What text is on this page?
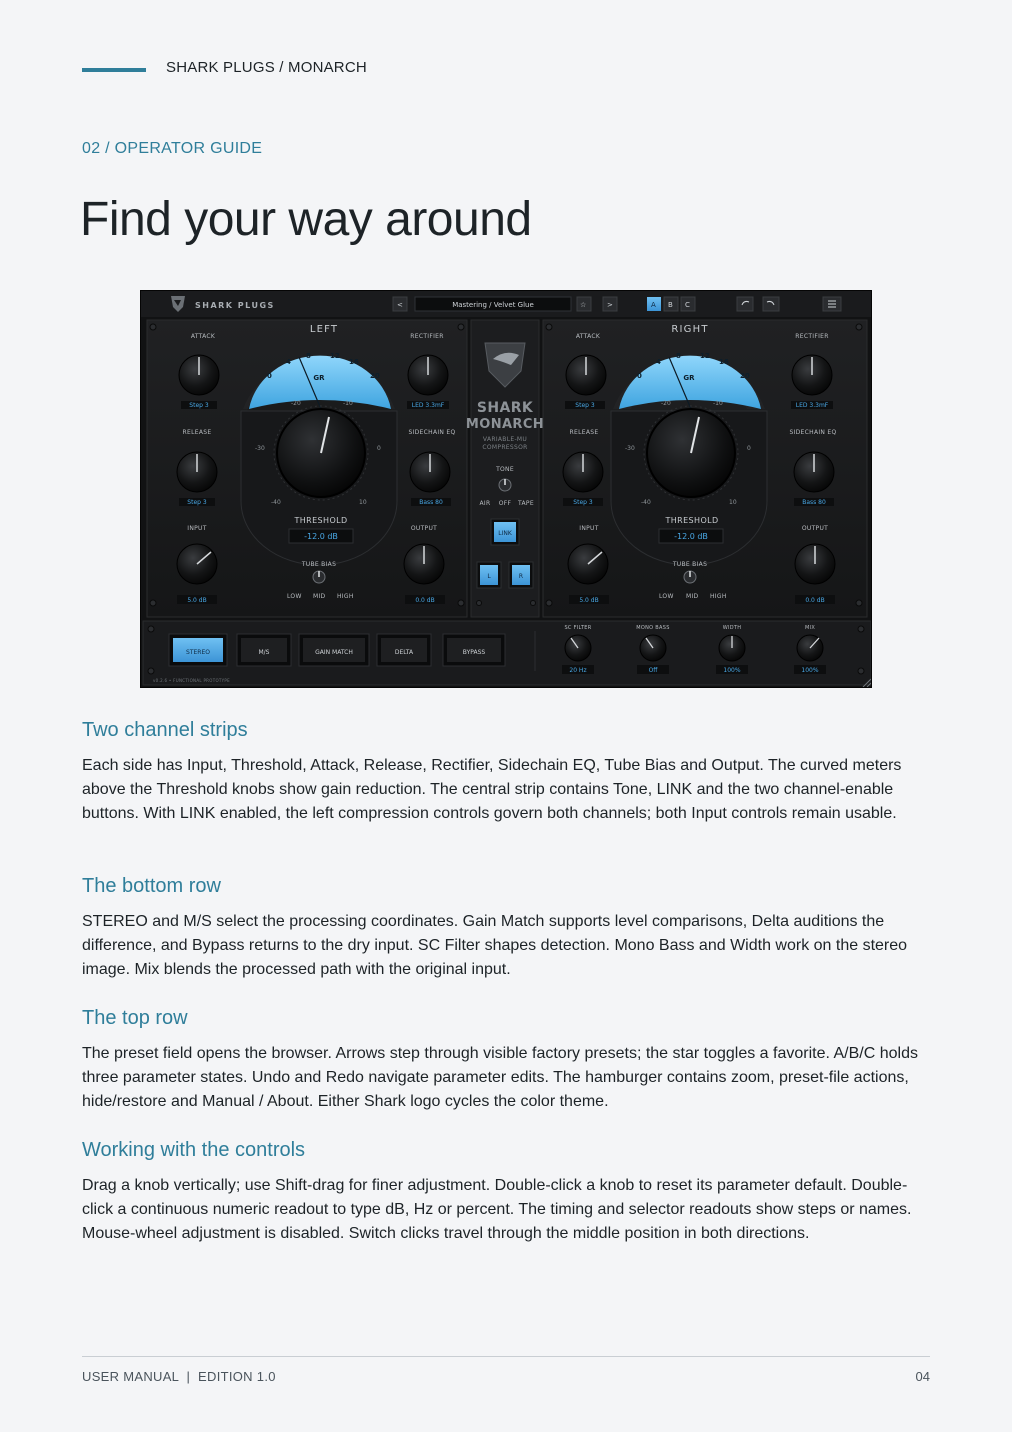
SHARK PLUGS / MONARCH
02 / OPERATOR GUIDE
Find your way around
SHARK PLUGS	<	Mastering / Velvet Glue	☆	>	A B C
LEFT
ATTACK
Step 3
RELEASE
Step 3
INPUT
5.0 dB
RECTIFIER
LED 3.3mF
SIDECHAIN EQ
Bass 80
OUTPUT
0.0 dB
0
4
8	12
16
20
GR
-20	-10
-30	0
-40	10
THRESHOLD
-12.0 dB
TUBE BIAS
LOW MID HIGH
SHARK
MONARCH
VARIABLE-MU
COMPRESSOR
TONE
AIR OFF TAPE
LINK
L	R
RIGHT
ATTACK
Step 3
RELEASE
Step 3
INPUT
5.0 dB
RECTIFIER
LED 3.3mF
SIDECHAIN EQ
Bass 80
OUTPUT
0.0 dB
0
4
8	12
16
20
GR
-20	-10
-30	0
-40	10
THRESHOLD
-12.0 dB
TUBE BIAS
LOW MID HIGH
STEREO	M/S	GAIN MATCH	DELTA	BYPASS
SC FILTER
20 Hz
MONO BASS
Off
WIDTH
100%
MIX
100%
v0.2.6 • FUNCTIONAL PROTOTYPE
Two channel strips

Each side has Input, Threshold, Attack, Release, Rectifier, Sidechain EQ, Tube Bias and Output. The curved meters above the Threshold knobs show gain reduction. The central strip contains Tone, LINK and the two channel-enable buttons. With LINK enabled, the left compression controls govern both channels; both Input controls remain usable.

The bottom row

STEREO and M/S select the processing coordinates. Gain Match supports level comparisons, Delta auditions the difference, and Bypass returns to the dry input. SC Filter shapes detection. Mono Bass and Width work on the stereo image. Mix blends the processed path with the original input.

The top row

The preset field opens the browser. Arrows step through visible factory presets; the star toggles a favorite. A/B/C holds three parameter states. Undo and Redo navigate parameter edits. The hamburger contains zoom, preset-file actions, hide/restore and Manual / About. Either Shark logo cycles the color theme.

Working with the controls

Drag a knob vertically; use Shift-drag for finer adjustment. Double-click a knob to reset its parameter default. Double-click a continuous numeric readout to type dB, Hz or percent. The timing and selector readouts show steps or names. Mouse-wheel adjustment is disabled. Switch clicks travel through the middle position in both directions.

USER MANUAL  |  EDITION 1.0	04
